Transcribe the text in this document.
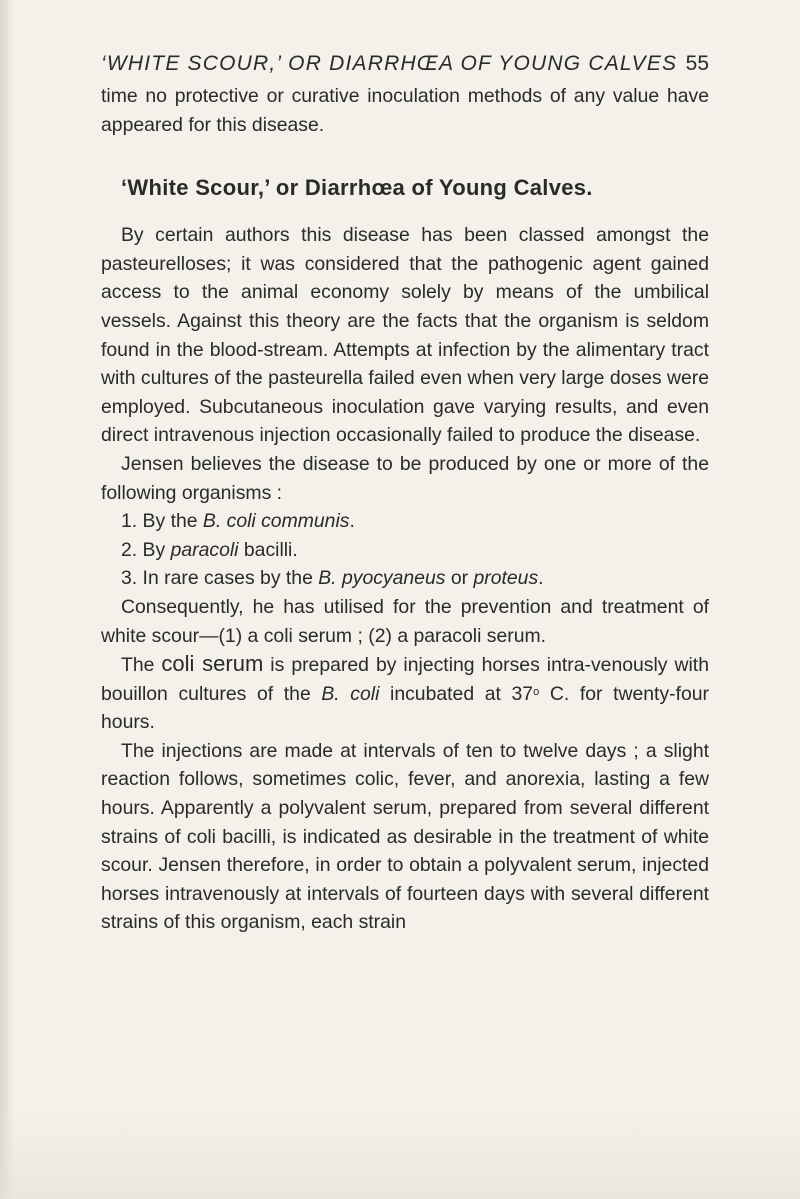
‘WHITE SCOUR,’ OR DIARRHŒA OF YOUNG CALVES 55

time no protective or curative inoculation methods of any value have appeared for this disease.

‘White Scour,’ or Diarrhœa of Young Calves.

By certain authors this disease has been classed amongst the pasteurelloses; it was considered that the pathogenic agent gained access to the animal economy solely by means of the umbilical vessels. Against this theory are the facts that the organism is seldom found in the blood-stream. Attempts at infection by the alimentary tract with cultures of the pasteurella failed even when very large doses were employed. Subcutaneous inoculation gave varying results, and even direct intravenous injection occasionally failed to produce the disease.

Jensen believes the disease to be produced by one or more of the following organisms :

1. By the B. coli communis.

2. By paracoli bacilli.

3. In rare cases by the B. pyocyaneus or proteus.

Consequently, he has utilised for the prevention and treatment of white scour—(1) a coli serum ; (2) a paracoli serum.

The coli serum is prepared by injecting horses intra-venously with bouillon cultures of the B. coli incubated at 37$^o$ C. for twenty-four hours.

The injections are made at intervals of ten to twelve days ; a slight reaction follows, sometimes colic, fever, and anorexia, lasting a few hours. Apparently a polyvalent serum, prepared from several different strains of coli bacilli, is indicated as desirable in the treatment of white scour. Jensen therefore, in order to obtain a polyvalent serum, injected horses intravenously at intervals of fourteen days with several different strains of this organism, each strain
